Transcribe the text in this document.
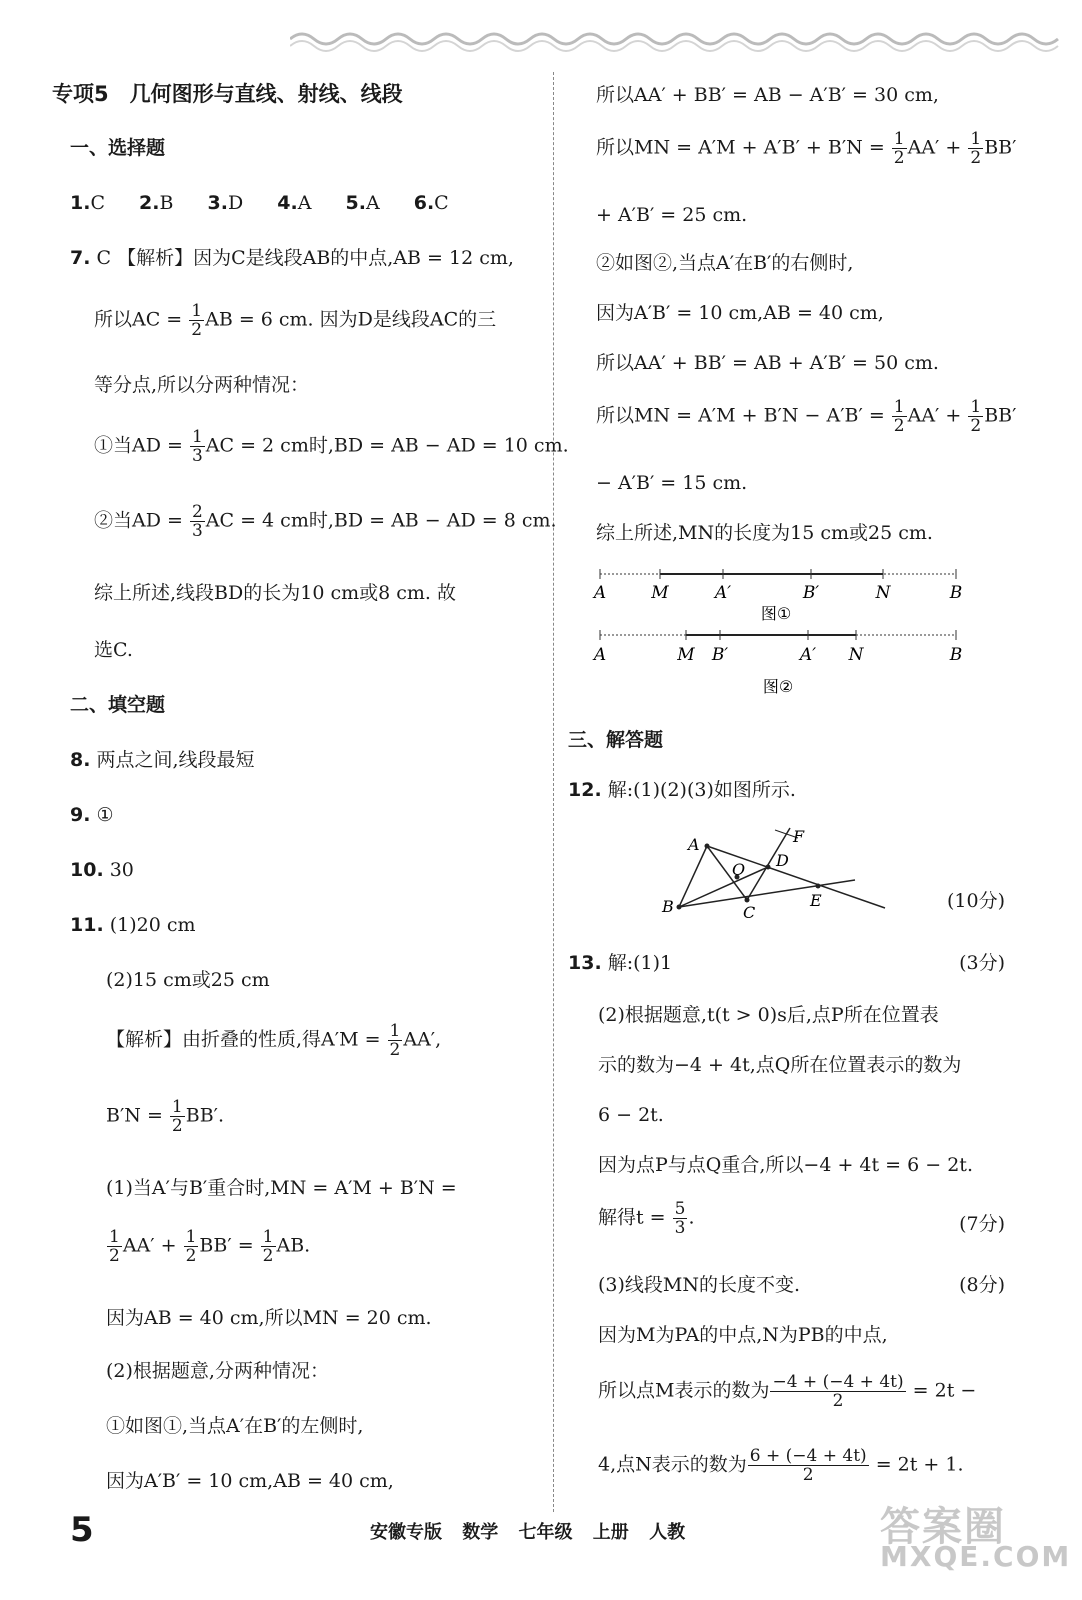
专项5　几何图形与直线、射线、线段
一、选择题
1.C 2.B 3.D 4.A 5.A 6.C
7. C 【解析】因为C是线段AB的中点,AB = 12 cm,
所以AC = $\frac{1}{2}$ AB = 6 cm. 因为D是线段AC的三
等分点,所以分两种情况：
①当AD = $\frac{1}{3}$ AC = 2 cm时,BD = AB − AD = 10 cm.
②当AD = $\frac{2}{3}$ AC = 4 cm时,BD = AB − AD = 8 cm.
综上所述,线段BD的长为10 cm或8 cm. 故
选C.
二、填空题
8. 两点之间,线段最短
9. ①
10. 30
11. (1)20 cm
(2)15 cm或25 cm
【解析】由折叠的性质,得$A'M = \frac{1}{2} AA'$,
$B'N = \frac{1}{2} BB'$.
(1)当A′与B′重合时,MN = A′M + B′N =
$\frac{1}{2} AA' + \frac{1}{2} BB' = \frac{1}{2}$ AB.
因为AB = 40 cm,所以MN = 20 cm.
(2)根据题意,分两种情况：
①如图①,当点A′在B′的左侧时,
因为A′B′ = 10 cm,AB = 40 cm,
所以AA′ + BB′ = AB − A′B′ = 30 cm,
所以MN = $A'M + A'B' + B'N = \frac{1}{2} AA' + \frac{1}{2} BB'$
+ A′B′ = 25 cm.
②如图②,当点A′在B′的右侧时,
因为A′B′ = 10 cm,AB = 40 cm,
所以AA′ + BB′ = AB + A′B′ = 50 cm.
所以MN = $A'M + B'N - A'B' = \frac{1}{2} AA' + \frac{1}{2} BB'$
− A′B′ = 15 cm.
综上所述,MN的长度为15 cm或25 cm.
A	M	A′	B′	N	B
图①
A	M B′	A′ N	B
图②
三、解答题
12. 解:(1)(2)(3)如图所示.
A	F
D
O
B	C
E	(10分)
13. 解:(1)1	(3分)
(2)根据题意,t(t > 0)s后,点P所在位置表
示的数为−4 + 4t,点Q所在位置表示的数为
6 − 2t.
因为点P与点Q重合,所以−4 + 4t = 6 − 2t.
解得$t = \frac{5}{3}$ .	(7分)
(3)线段MN的长度不变.	(8分)
因为M为PA的中点,N为PB的中点,
所以点M表示的数为 $\frac{-4 + (-4 + 4t)}{2} = 2t$ −
4,点N表示的数为 $\frac{6 + (-4 + 4t)}{2} = 2t + 1$.
5	安徽专版 数学 七年级 上册 人教	答案圈
MXQE.COM
